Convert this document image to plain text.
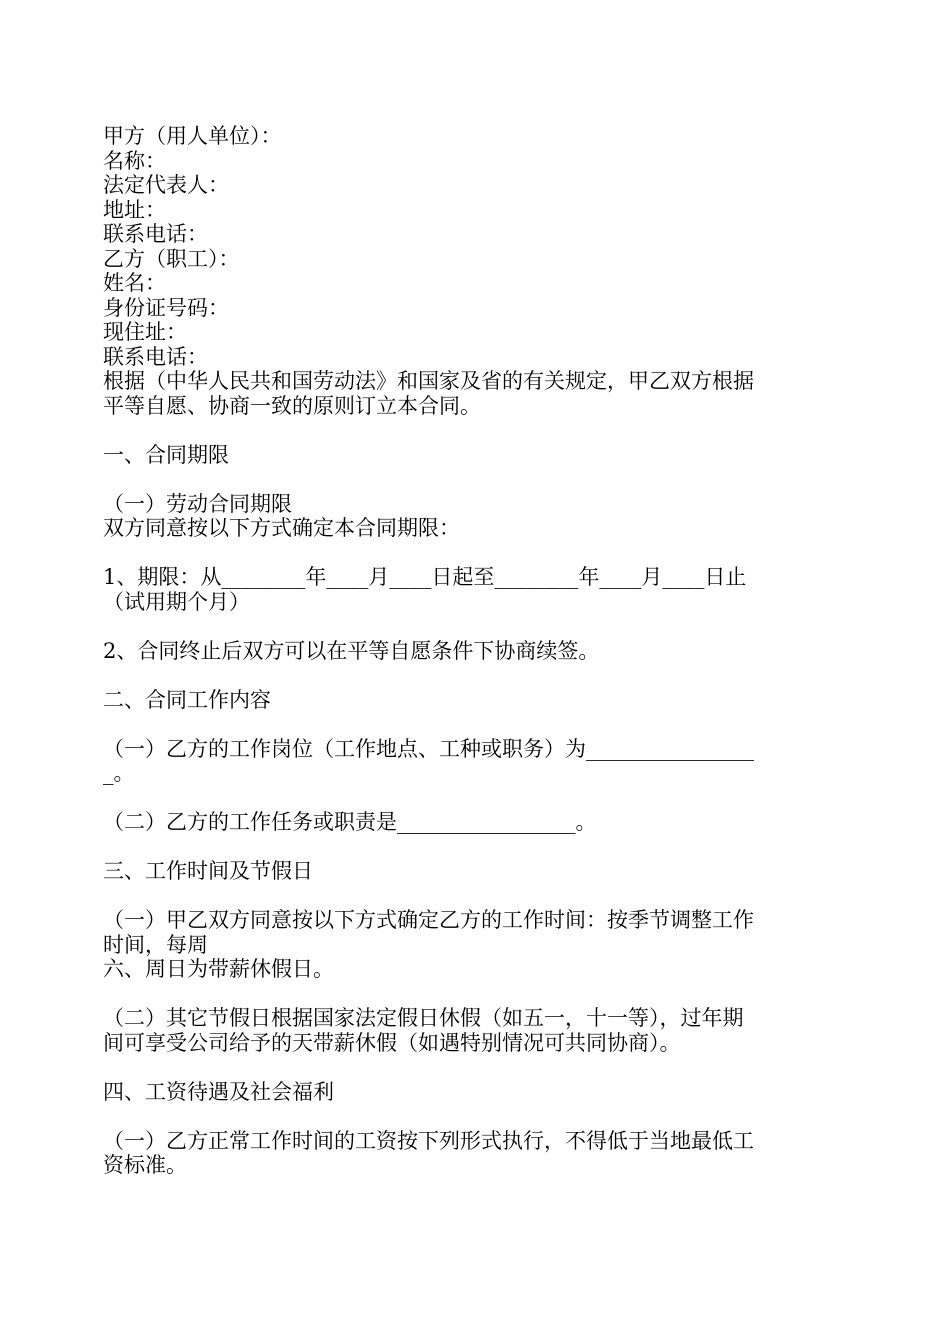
甲方（用人单位）：
名称：
法定代表人：
地址：
联系电话：
乙方（职工）：
姓名：
身份证号码：
现住址：
联系电话：
根据（中华人民共和国劳动法》和国家及省的有关规定，甲乙双方根据
平等自愿、协商一致的原则订立本合同。
一、合同期限
（一）劳动合同期限
双方同意按以下方式确定本合同期限：
1、期限：从________年____月____日起至________年____月____日止
（试用期个月）
2、合同终止后双方可以在平等自愿条件下协商续签。
二、合同工作内容
（一）乙方的工作岗位（工作地点、工种或职务）为________________
_。
（二）乙方的工作任务或职责是_________________。
三、工作时间及节假日
（一）甲乙双方同意按以下方式确定乙方的工作时间：按季节调整工作
时间，每周
六、周日为带薪休假日。
（二）其它节假日根据国家法定假日休假（如五一，十一等），过年期
间可享受公司给予的天带薪休假（如遇特别情况可共同协商）。
四、工资待遇及社会福利
（一）乙方正常工作时间的工资按下列形式执行，不得低于当地最低工
资标准。
